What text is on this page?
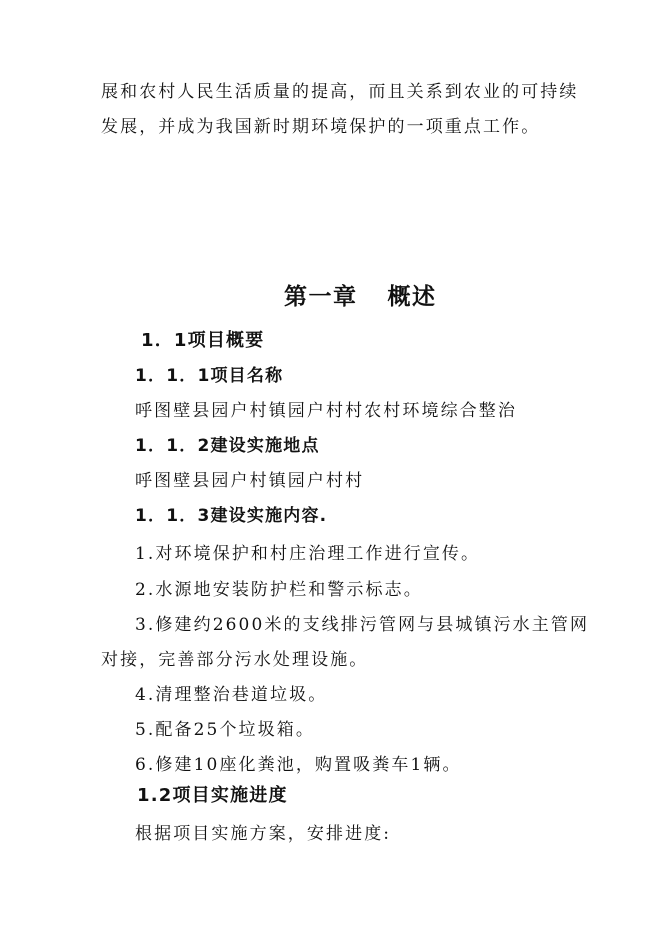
展和农村人民生活质量的提高，而且关系到农业的可持续
发展，并成为我国新时期环境保护的一项重点工作。
第一章 概述
1．1项目概要
1．1．1项目名称
呼图壁县园户村镇园户村村农村环境综合整治
1．1．2建设实施地点
呼图壁县园户村镇园户村村
1．1．3建设实施内容.
1.对环境保护和村庄治理工作进行宣传。
2.水源地安装防护栏和警示标志。
3.修建约2600米的支线排污管网与县城镇污水主管网
对接，完善部分污水处理设施。
4.清理整治巷道垃圾。
5.配备25个垃圾箱。
6.修建10座化粪池，购置吸粪车1辆。
1.2项目实施进度
根据项目实施方案，安排进度:
